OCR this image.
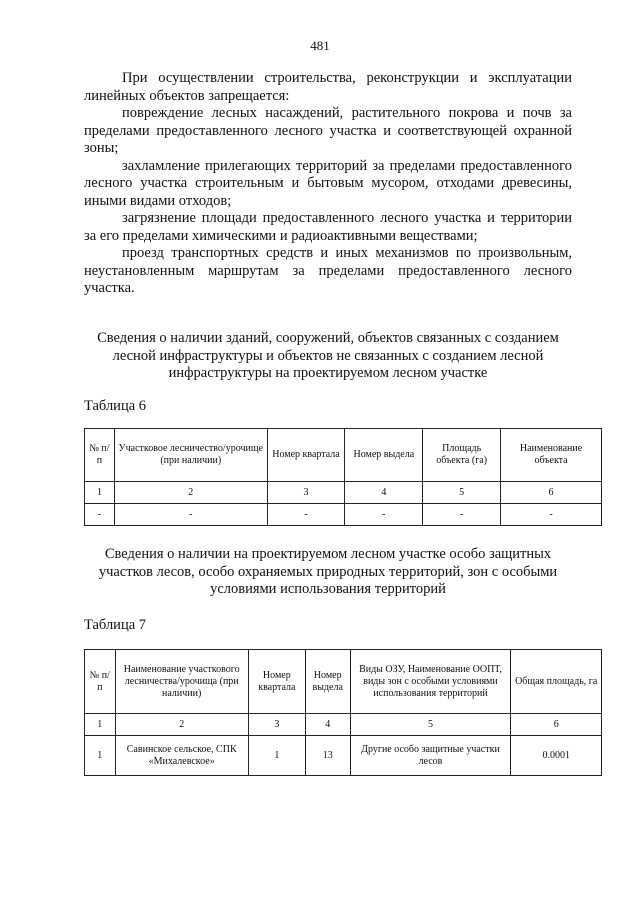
481

При осуществлении строительства, реконструкции и эксплуатации линейных объектов запрещается:

повреждение лесных насаждений, растительного покрова и почв за пределами предоставленного лесного участка и соответствующей охранной зоны;

захламление прилегающих территорий за пределами предоставленного лесного участка строительным и бытовым мусором, отходами древесины, иными видами отходов;

загрязнение площади предоставленного лесного участка и территории за его пределами химическими и радиоактивными веществами;

проезд транспортных средств и иных механизмов по произвольным, неустановленным маршрутам за пределами предоставленного лесного участка.

Сведения о наличии зданий, сооружений, объектов связанных с созданием лесной инфраструктуры и объектов не связанных с созданием лесной инфраструктуры на проектируемом лесном участке
Таблица 6
№ п/п	Участковое лесничество/урочище (при наличии)	Номер квартала	Номер выдела	Площадь объекта (га)	Наименование объекта
1	2	3	4	5	6
-	-	-	-	-	-
Сведения о наличии на проектируемом лесном участке особо защитных участков лесов, особо охраняемых природных территорий, зон с особыми условиями использования территорий
Таблица 7
№ п/п	Наименование участкового лесничества/урочища (при наличии)	Номер квартала	Номер выдела	Виды ОЗУ, Наименование ООПТ, виды зон с особыми условиями использования территорий	Общая площадь, га
1	2	3	4	5	6
1	Савинское сельское, СПК «Михалевское»	1	13	Другие особо защитные участки лесов	0.0001
